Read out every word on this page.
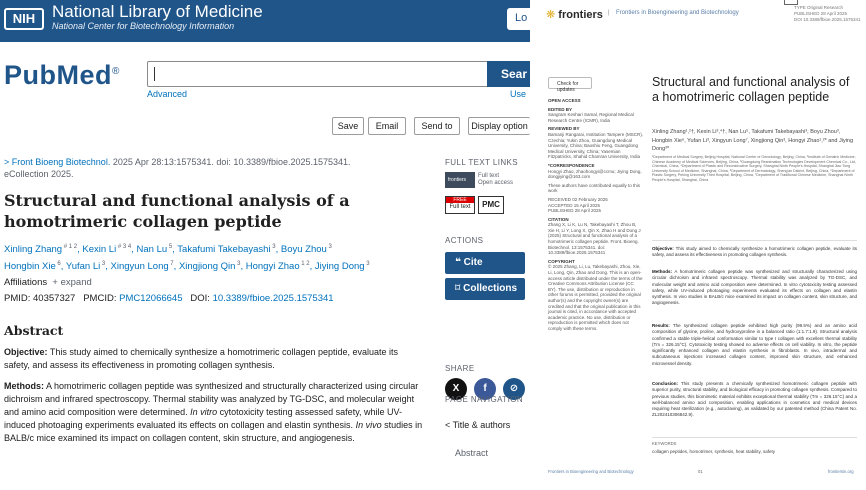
NIH National Library of Medicine
National Center for Biotechnology Information
Lo
PubMed®	Sear
Advanced	Use
Save	Email	Send to	Display option
> Front Bioeng Biotechnol. 2025 Apr 28:13:1575341. doi: 10.3389/fbioe.2025.1575341.
eCollection 2025.
Structural and functional analysis of a homotrimeric collagen peptide
Xinling Zhang $^{\# 1 2}$, Kexin Li $^{\# 3 4}$, Nan Lu $^5$, Takafumi Takebayashi $^3$, Boyu Zhou $^3$
Hongbin Xie $^6$, Yufan Li $^3$, Xingyun Long $^7$, Xingjiong Qin $^3$, Hongyi Zhao $^{1 2}$, Jiying Dong $^3$
Affiliations + expand
PMID: 40357327 PMCID: PMC12066645 DOI: 10.3389/fbioe.2025.1575341
Abstract

Objective: This study aimed to chemically synthesize a homotrimeric collagen peptide, evaluate its safety, and assess its effectiveness in promoting collagen synthesis.

Methods: A homotrimeric collagen peptide was synthesized and structurally characterized using circular dichroism and infrared spectroscopy. Thermal stability was analyzed by TG-DSC, and molecular weight and amino acid composition were determined. In vitro cytotoxicity testing assessed safety, while UV-induced photoaging experiments evaluated its effects on collagen and elastin synthesis. In vivo studies in BALB/c mice examined its impact on collagen content, skin structure, and angiogenesis.

FULL TEXT LINKS
frontiers
Full text
Open access
FREE
Full text	PMC
ACTIONS
❝ Cite
⌑ Collections
SHARE
X	f	⊘
PAGE NAVIGATION
< Title & authors
Abstract
❋ frontiers | Frontiers in Bioengineering and Biotechnology
TYPE Original Research
PUBLISHED 28 April 2025
DOI 10.3389/fbioe.2025.1575341
Check for updates
OPEN ACCESS
EDITED BY
Sangram Keshari Samal, Regional Medical Research Centre (ICMR), India
REVIEWED BY
Bamanji Rangarai, Institution Tampere (MSCR), Czechia; Yukin Zhou, Guangdong Medical University, China; Baoshiu Feng, Guangdong Medical University, China; Yasemian Fitzpatricks, Shahid Chamran University, India
*CORRESPONDENCE
Hongyi Zhao, zhaohongyi@ccmu; Jiying Dong, dongjiying@163.com
These authors have contributed equally to this work
RECEIVED 02 February 2025
ACCEPTED 15 April 2025
PUBLISHED 28 April 2025
CITATION
Zhang X, Li K, Lu N, Takebayashi T, Zhou B, Xie H, Li Y, Long X, Qin X, Zhao H and Dong J (2025) Structural and functional analysis of a homotrimeric collagen peptide. Front. Bioeng. Biotechnol. 13:1575341. doi: 10.3389/fbioe.2025.1575341
COPYRIGHT
© 2025 Zhang, Li, Lu, Takebayashi, Zhou, Xie, Li, Long, Qin, Zhao and Dong. This is an open-access article distributed under the terms of the Creative Commons Attribution License (CC BY). The use, distribution or reproduction in other forums is permitted, provided the original author(s) and the copyright owner(s) are credited and that the original publication in this journal is cited, in accordance with accepted academic practice. No use, distribution or reproduction is permitted which does not comply with these terms.
Structural and functional analysis of a homotrimeric collagen peptide
Xinling Zhang¹,²†, Kexin Li³,⁴†, Nan Lu⁵, Takafumi Takebayashi³, Boyu Zhou³, Hongbin Xie⁶, Yufan Li³, Xingyun Long⁷, Xingjiong Qin³, Hongyi Zhao¹,²* and Jiying Dong³*
¹Department of Medical Surgery, Beijing Hospital, National Center of Gerontology, Beijing, China, ²Institute of Geriatric Medicine, Chinese Academy of Medical Sciences, Beijing, China, ³Guangdong Reanimation Technologies Development Chemical Co., Ltd, Chemical, China, ⁴Department of Plastic and Reconstructive Surgery, Shanghai Ninth People's Hospital, Shanghai Jiao Tong University School of Medicine, Shanghai, China, ⁵Department of Dermatology, Sheng'an District, Beijing, China, ⁶Department of Plastic Surgery, Peking University Third Hospital, Beijing, China, ⁷Department of Traditional Chinese Medicine, Shanghai Ninth People's Hospital, Shanghai, China

Objective: This study aimed to chemically synthesize a homotrimeric collagen peptide, evaluate its safety, and assess its effectiveness in promoting collagen synthesis.

Methods: A homotrimeric collagen peptide was synthesized and structurally characterized using circular dichroism and infrared spectroscopy. Thermal stability was analyzed by TG-DSC, and molecular weight and amino acid composition were determined. In vitro cytotoxicity testing assessed safety, while UV-induced photoaging experiments evaluated its effects on collagen and elastin synthesis. In vivo studies in BALB/c mice examined its impact on collagen content, skin structure, and angiogenesis.

Results: The synthesized collagen peptide exhibited high purity (99.5%) and an amino acid composition of glycine, proline, and hydroxyproline in a balanced ratio (1:1.7:1.9). Structural analysis confirmed a stable triple-helical conformation similar to type I collagen with excellent thermal stability (Tm = 326.15°C). Cytotoxicity testing showed no adverse effects on cell viability. In vitro, the peptide significantly enhanced collagen and elastin synthesis in fibroblasts. In vivo, intradermal and subcutaneous injections increased collagen content, improved skin structure, and enhanced microvessel density.

Conclusion: This study presents a chemically synthesized homotrimeric collagen peptide with superior purity, structural stability, and biological efficacy in promoting collagen synthesis. Compared to previous studies, this biomimetic material exhibits exceptional thermal stability (Tm = 326.15°C) and a well-balanced amino acid composition, enabling applications in cosmetics and medical devices requiring heat sterilization (e.g., autoclaving), as validated by our patented method (China Patent No. ZL202410306842.9).

KEYWORDS
collagen peptides, homotrimer, synthesis, heat stability, safety
Frontiers in Bioengineering and Biotechnology	01	frontiersin.org
